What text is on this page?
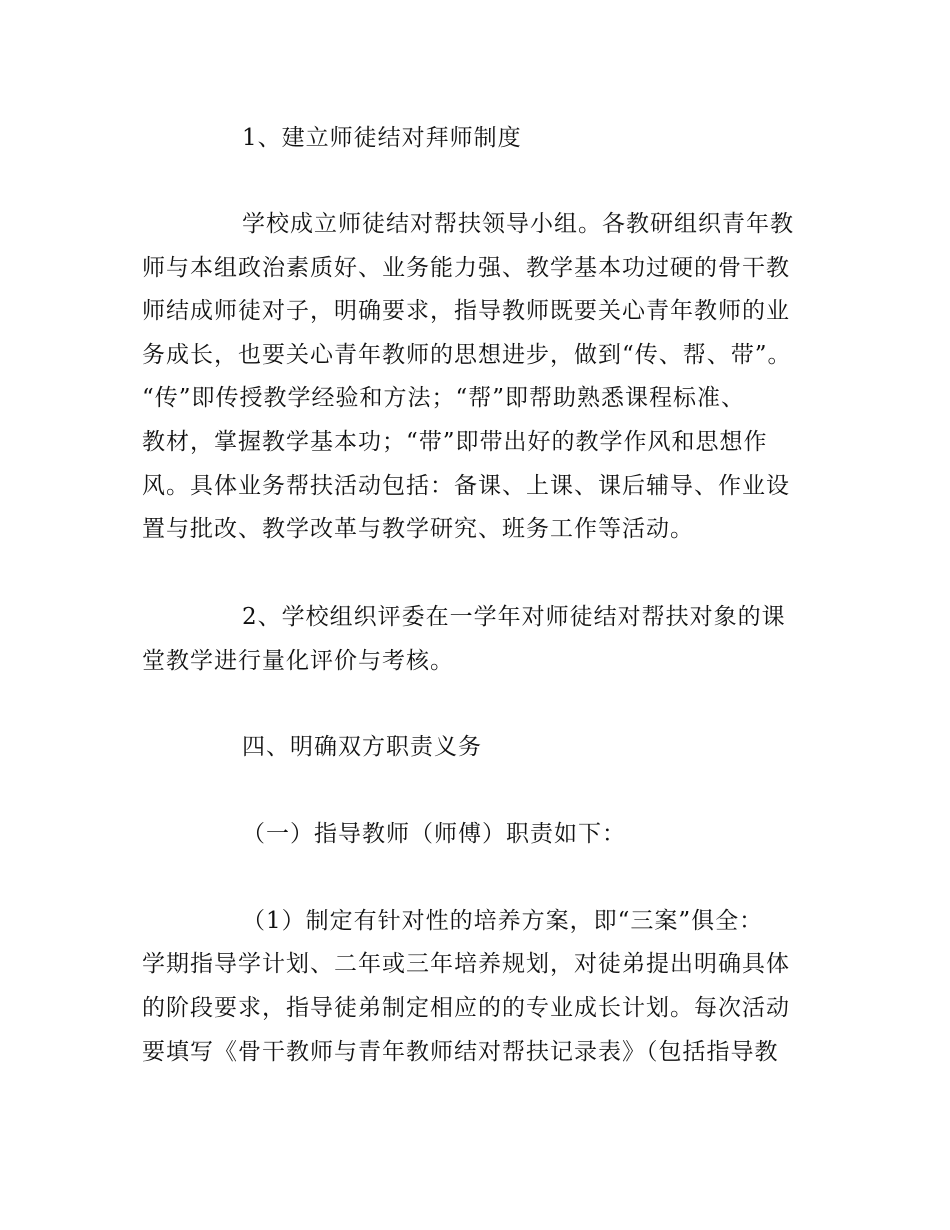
1、建立师徒结对拜师制度
学校成立师徒结对帮扶领导小组。各教研组织青年教
师与本组政治素质好、业务能力强、教学基本功过硬的骨干教
师结成师徒对子，明确要求，指导教师既要关心青年教师的业
务成长，也要关心青年教师的思想进步，做到“传、帮、带”。
“传”即传授教学经验和方法；“帮”即帮助熟悉课程标准、
教材，掌握教学基本功；“带”即带出好的教学作风和思想作
风。具体业务帮扶活动包括：备课、上课、课后辅导、作业设
置与批改、教学改革与教学研究、班务工作等活动。
2、学校组织评委在一学年对师徒结对帮扶对象的课
堂教学进行量化评价与考核。
四、明确双方职责义务
（一）指导教师（师傅）职责如下：
（1）制定有针对性的培养方案，即“三案”俱全：
学期指导学计划、二年或三年培养规划，对徒弟提出明确具体
的阶段要求，指导徒弟制定相应的的专业成长计划。每次活动
要填写《骨干教师与青年教师结对帮扶记录表》（包括指导教
